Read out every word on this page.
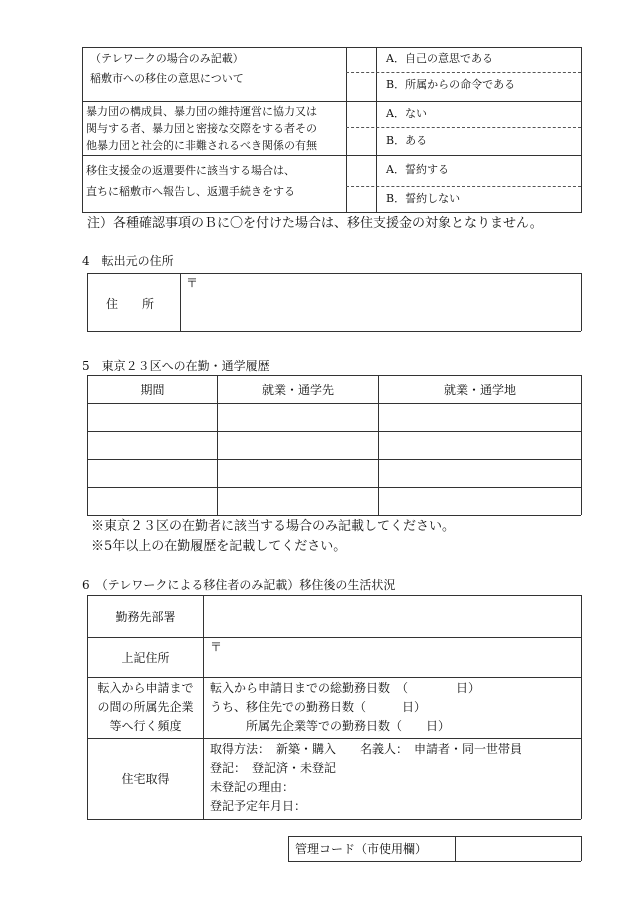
（テレワークの場合のみ記載）
稲敷市への移住の意思について
A．自己の意思である
B．所属からの命令である
暴力団の構成員、暴力団の維持運営に協力又は
関与する者、暴力団と密接な交際をする者その
他暴力団と社会的に非難されるべき関係の有無
A．ない
B．ある
移住支援金の返還要件に該当する場合は、
直ちに稲敷市へ報告し、返還手続きをする
A．誓約する
B．誓約しない
注）各種確認事項のＢに〇を付けた場合は、移住支援金の対象となりません。
4　転出元の住所
住　　所
〒
5　東京２３区への在勤・通学履歴
期間	就業・通学先	就業・通学地
※東京２３区の在勤者に該当する場合のみ記載してください。
※5年以上の在勤履歴を記載してください。
6　（テレワークによる移住者のみ記載）移住後の生活状況
勤務先部署
上記住所
〒
転入から申請まで
の間の所属先企業
等へ行く頻度
転入から申請日までの総勤務日数　（　　　　日）
うち、移住先での勤務日数（　　　日）
　　　所属先企業等での勤務日数（　　日）
住宅取得
取得方法：　新築・購入　　名義人：　申請者・同一世帯員
登記：　登記済・未登記
未登記の理由：
登記予定年月日：
管理コード（市使用欄）
